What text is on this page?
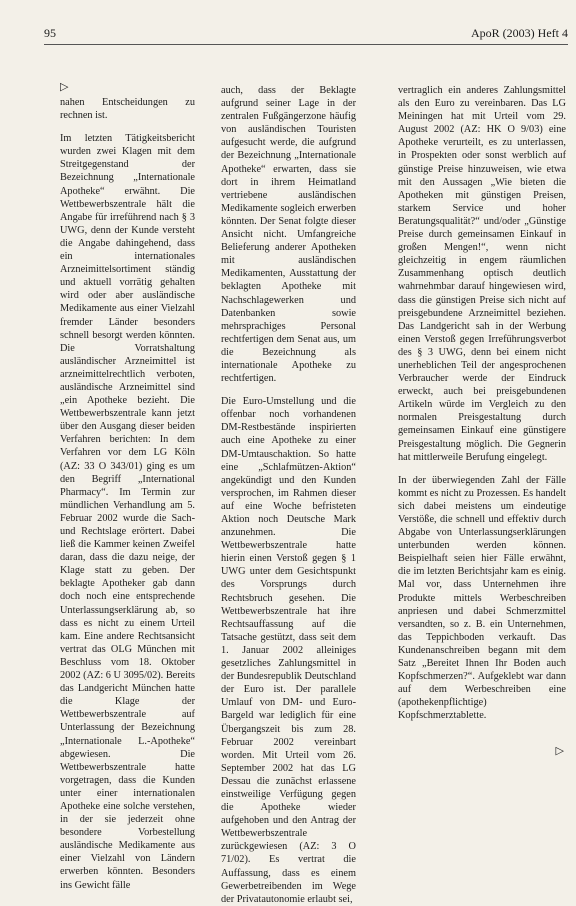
95	ApoR (2003) Heft 4
▷

nahen Entscheidungen zu rechnen ist.

Im letzten Tätigkeitsbericht wurden zwei Klagen mit dem Streitgegenstand der Bezeichnung „Internationale Apotheke“ erwähnt. Die Wettbewerbszentrale hält die Angabe für irreführend nach § 3 UWG, denn der Kunde versteht die Angabe dahingehend, dass ein internationales Arzneimittelsortiment ständig und aktuell vorrätig gehalten wird oder aber ausländische Medikamente aus einer Vielzahl fremder Länder besonders schnell besorgt werden könnten. Die Vorratshaltung ausländischer Arzneimittel ist arzneimittelrechtlich verboten, ausländische Arzneimittel sind „ein Apotheke bezieht. Die Wettbewerbszentrale kann jetzt über den Ausgang dieser beiden Verfahren berichten: In dem Verfahren vor dem LG Köln (AZ: 33 O 343/01) ging es um den Begriff „International Pharmacy“. Im Termin zur mündlichen Verhandlung am 5. Februar 2002 wurde die Sach- und Rechtslage erörtert. Dabei ließ die Kammer keinen Zweifel daran, dass die dazu neige, der Klage statt zu geben. Der beklagte Apotheker gab dann doch noch eine entsprechende Unterlassungserklärung ab, so dass es nicht zu einem Urteil kam. Eine andere Rechtsansicht vertrat das OLG München mit Beschluss vom 18. Oktober 2002 (AZ: 6 U 3095/02). Bereits das Landgericht München hatte die Klage der Wettbewerbszentrale auf Unterlassung der Bezeichnung „Internationale L.-Apotheke“ abgewiesen. Die Wettbewerbszentrale hatte vorgetragen, dass die Kunden unter einer internationalen Apotheke eine solche verstehen, in der sie jederzeit ohne besondere Vorbestellung ausländische Medikamente aus einer Vielzahl von Ländern erwerben könnten. Besonders ins Gewicht fälle

auch, dass der Beklagte aufgrund seiner Lage in der zentralen Fußgängerzone häufig von ausländischen Touristen aufgesucht werde, die aufgrund der Bezeichnung „Internationale Apotheke“ erwarten, dass sie dort in ihrem Heimatland vertriebene ausländischen Medikamente sogleich erwerben könnten. Der Senat folgte dieser Ansicht nicht. Umfangreiche Belieferung anderer Apotheken mit ausländischen Medikamenten, Ausstattung der beklagten Apotheke mit Nachschlagewerken und Datenbanken sowie mehrsprachiges Personal rechtfertigen dem Senat aus, um die Bezeichnung als internationale Apotheke zu rechtfertigen.

Die Euro-Umstellung und die offenbar noch vorhandenen DM-Restbestände inspirierten auch eine Apotheke zu einer DM-Umtauschaktion. So hatte eine „Schlafmützen-Aktion“ angekündigt und den Kunden versprochen, im Rahmen dieser auf eine Woche befristeten Aktion noch Deutsche Mark anzunehmen. Die Wettbewerbszentrale hatte hierin einen Verstoß gegen § 1 UWG unter dem Gesichtspunkt des Vorsprungs durch Rechtsbruch gesehen. Die Wettbewerbszentrale hat ihre Rechtsauffassung auf die Tatsache gestützt, dass seit dem 1. Januar 2002 alleiniges gesetzliches Zahlungsmittel in der Bundesrepublik Deutschland der Euro ist. Der parallele Umlauf von DM- und Euro-Bargeld war lediglich für eine Übergangszeit bis zum 28. Februar 2002 vereinbart worden. Mit Urteil vom 26. September 2002 hat das LG Dessau die zunächst erlassene einstweilige Verfügung gegen die Apotheke wieder aufgehoben und den Antrag der Wettbewerbszentrale zurückgewiesen (AZ: 3 O 71/02). Es vertrat die Auffassung, dass es einem Gewerbetreibenden im Wege der Privatautonomie erlaubt sei,

vertraglich ein anderes Zahlungsmittel als den Euro zu vereinbaren. Das LG Meiningen hat mit Urteil vom 29. August 2002 (AZ: HK O 9/03) eine Apotheke verurteilt, es zu unterlassen, in Prospekten oder sonst werblich auf günstige Preise hinzuweisen, wie etwa mit den Aussagen „Wie bieten die Apotheken mit günstigen Preisen, starkem Service und hoher Beratungsqualität?“ und/oder „Günstige Preise durch gemeinsamen Einkauf in großen Mengen!“, wenn nicht gleichzeitig in engem räumlichen Zusammenhang optisch deutlich wahrnehmbar darauf hingewiesen wird, dass die günstigen Preise sich nicht auf preisgebundene Arzneimittel beziehen. Das Landgericht sah in der Werbung einen Verstoß gegen Irreführungsverbot des § 3 UWG, denn bei einem nicht unerheblichen Teil der angesprochenen Verbraucher werde der Eindruck erweckt, auch bei preisgebundenen Artikeln würde im Vergleich zu den normalen Preisgestaltung durch gemeinsamen Einkauf eine günstigere Preisgestaltung möglich. Die Gegnerin hat mittlerweile Berufung eingelegt.

In der überwiegenden Zahl der Fälle kommt es nicht zu Prozessen. Es handelt sich dabei meistens um eindeutige Verstöße, die schnell und effektiv durch Abgabe von Unterlassungserklärungen unterbunden werden können. Beispielhaft seien hier Fälle erwähnt, die im letzten Berichtsjahr kam es einig. Mal vor, dass Unternehmen ihre Produkte mittels Werbeschreiben anpriesen und dabei Schmerzmittel versandten, so z. B. ein Unternehmen, das Teppichboden verkauft. Das Kundenanschreiben begann mit dem Satz „Bereitet Ihnen Ihr Boden auch Kopfschmerzen?“. Aufgeklebt war dann auf dem Werbeschreiben eine (apothekenpflichtige) Kopfschmerztablette.

▷
